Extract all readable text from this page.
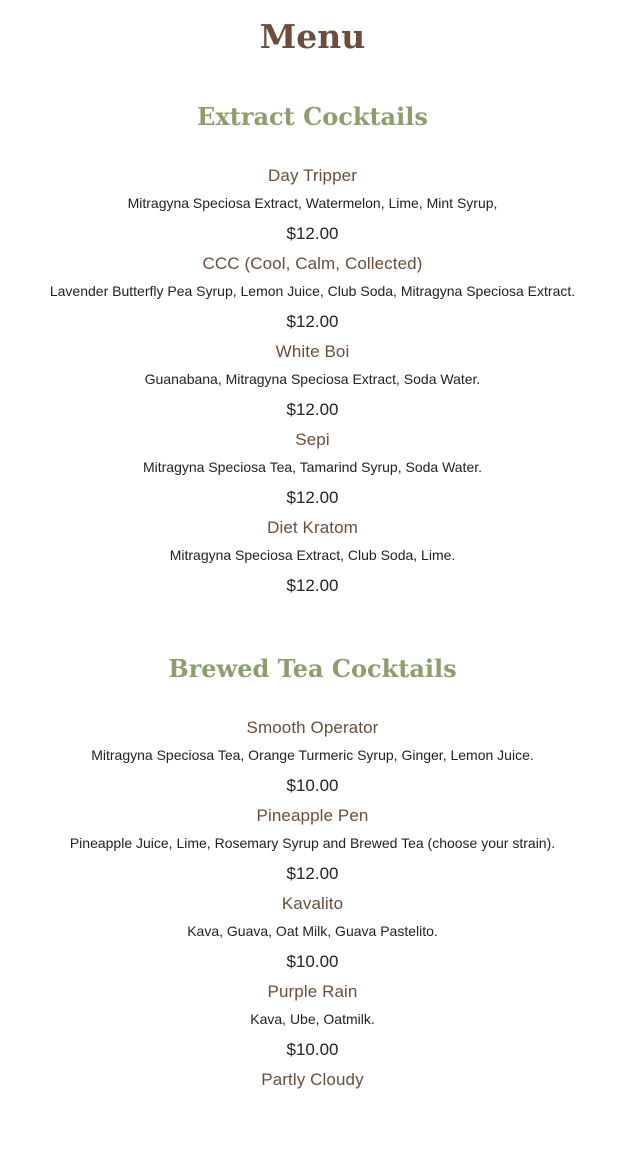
Menu
Extract Cocktails
Day Tripper
Mitragyna Speciosa Extract, Watermelon, Lime, Mint Syrup,
$12.00
CCC (Cool, Calm, Collected)
Lavender Butterfly Pea Syrup, Lemon Juice, Club Soda, Mitragyna Speciosa Extract.
$12.00
White Boi
Guanabana, Mitragyna Speciosa Extract, Soda Water.
$12.00
Sepi
Mitragyna Speciosa Tea, Tamarind Syrup, Soda Water.
$12.00
Diet Kratom
Mitragyna Speciosa Extract, Club Soda, Lime.
$12.00
Brewed Tea Cocktails
Smooth Operator
Mitragyna Speciosa Tea, Orange Turmeric Syrup, Ginger, Lemon Juice.
$10.00
Pineapple Pen
Pineapple Juice, Lime, Rosemary Syrup and Brewed Tea (choose your strain).
$12.00
Kavalito
Kava, Guava, Oat Milk, Guava Pastelito.
$10.00
Purple Rain
Kava, Ube, Oatmilk.
$10.00
Partly Cloudy
